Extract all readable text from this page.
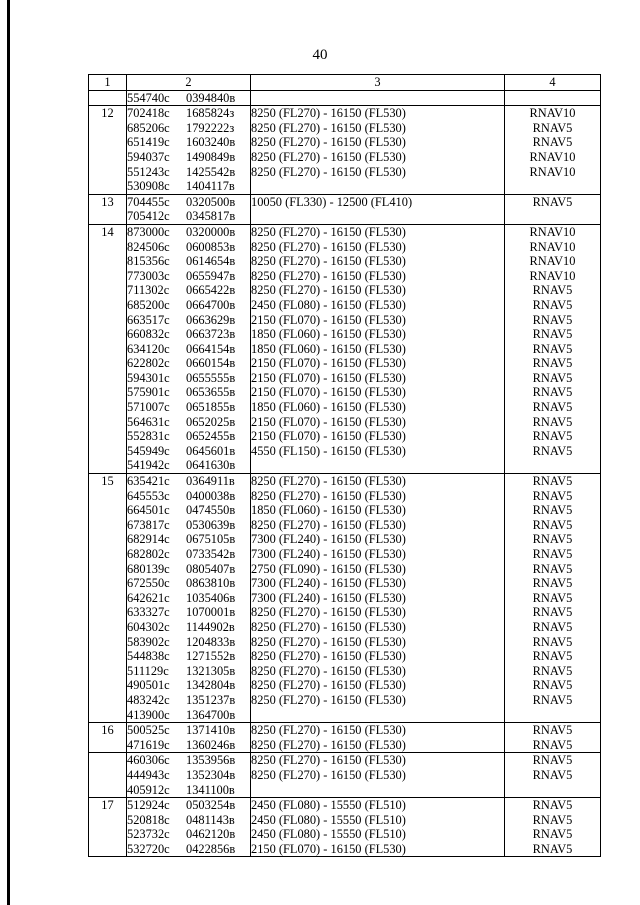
40
1	2	3	4
	554740с 0394840в		
12	702418с 1685824з	8250 (FL270) - 16150 (FL530)	RNAV10
	685206с 1792222з	8250 (FL270) - 16150 (FL530)	RNAV5
	651419с 1603240в	8250 (FL270) - 16150 (FL530)	RNAV5
	594037с 1490849в	8250 (FL270) - 16150 (FL530)	RNAV10
	551243с 1425542в	8250 (FL270) - 16150 (FL530)	RNAV10
	530908с 1404117в		
13	704455с 0320500в	10050 (FL330) - 12500 (FL410)	RNAV5
	705412с 0345817в		
14	873000с 0320000в	8250 (FL270) - 16150 (FL530)	RNAV10
	824506с 0600853в	8250 (FL270) - 16150 (FL530)	RNAV10
	815356с 0614654в	8250 (FL270) - 16150 (FL530)	RNAV10
	773003с 0655947в	8250 (FL270) - 16150 (FL530)	RNAV10
	711302с 0665422в	8250 (FL270) - 16150 (FL530)	RNAV5
	685200с 0664700в	2450 (FL080) - 16150 (FL530)	RNAV5
	663517с 0663629в	2150 (FL070) - 16150 (FL530)	RNAV5
	660832с 0663723в	1850 (FL060) - 16150 (FL530)	RNAV5
	634120с 0664154в	1850 (FL060) - 16150 (FL530)	RNAV5
	622802с 0660154в	2150 (FL070) - 16150 (FL530)	RNAV5
	594301с 0655555в	2150 (FL070) - 16150 (FL530)	RNAV5
	575901с 0653655в	2150 (FL070) - 16150 (FL530)	RNAV5
	571007с 0651855в	1850 (FL060) - 16150 (FL530)	RNAV5
	564631с 0652025в	2150 (FL070) - 16150 (FL530)	RNAV5
	552831с 0652455в	2150 (FL070) - 16150 (FL530)	RNAV5
	545949с 0645601в	4550 (FL150) - 16150 (FL530)	RNAV5
	541942с 0641630в		
15	635421с 0364911в	8250 (FL270) - 16150 (FL530)	RNAV5
	645553с 0400038в	8250 (FL270) - 16150 (FL530)	RNAV5
	664501с 0474550в	1850 (FL060) - 16150 (FL530)	RNAV5
	673817с 0530639в	8250 (FL270) - 16150 (FL530)	RNAV5
	682914с 0675105в	7300 (FL240) - 16150 (FL530)	RNAV5
	682802с 0733542в	7300 (FL240) - 16150 (FL530)	RNAV5
	680139с 0805407в	2750 (FL090) - 16150 (FL530)	RNAV5
	672550с 0863810в	7300 (FL240) - 16150 (FL530)	RNAV5
	642621с 1035406в	7300 (FL240) - 16150 (FL530)	RNAV5
	633327с 1070001в	8250 (FL270) - 16150 (FL530)	RNAV5
	604302с 1144902в	8250 (FL270) - 16150 (FL530)	RNAV5
	583902с 1204833в	8250 (FL270) - 16150 (FL530)	RNAV5
	544838с 1271552в	8250 (FL270) - 16150 (FL530)	RNAV5
	511129с 1321305в	8250 (FL270) - 16150 (FL530)	RNAV5
	490501с 1342804в	8250 (FL270) - 16150 (FL530)	RNAV5
	483242с 1351237в	8250 (FL270) - 16150 (FL530)	RNAV5
	413900с 1364700в		
16	500525с 1371410в	8250 (FL270) - 16150 (FL530)	RNAV5
	471619с 1360246в	8250 (FL270) - 16150 (FL530)	RNAV5
	460306с 1353956в	8250 (FL270) - 16150 (FL530)	RNAV5
	444943с 1352304в	8250 (FL270) - 16150 (FL530)	RNAV5
	405912с 1341100в		
17	512924с 0503254в	2450 (FL080) - 15550 (FL510)	RNAV5
	520818с 0481143в	2450 (FL080) - 15550 (FL510)	RNAV5
	523732с 0462120в	2450 (FL080) - 15550 (FL510)	RNAV5
	532720с 0422856в	2150 (FL070) - 16150 (FL530)	RNAV5
